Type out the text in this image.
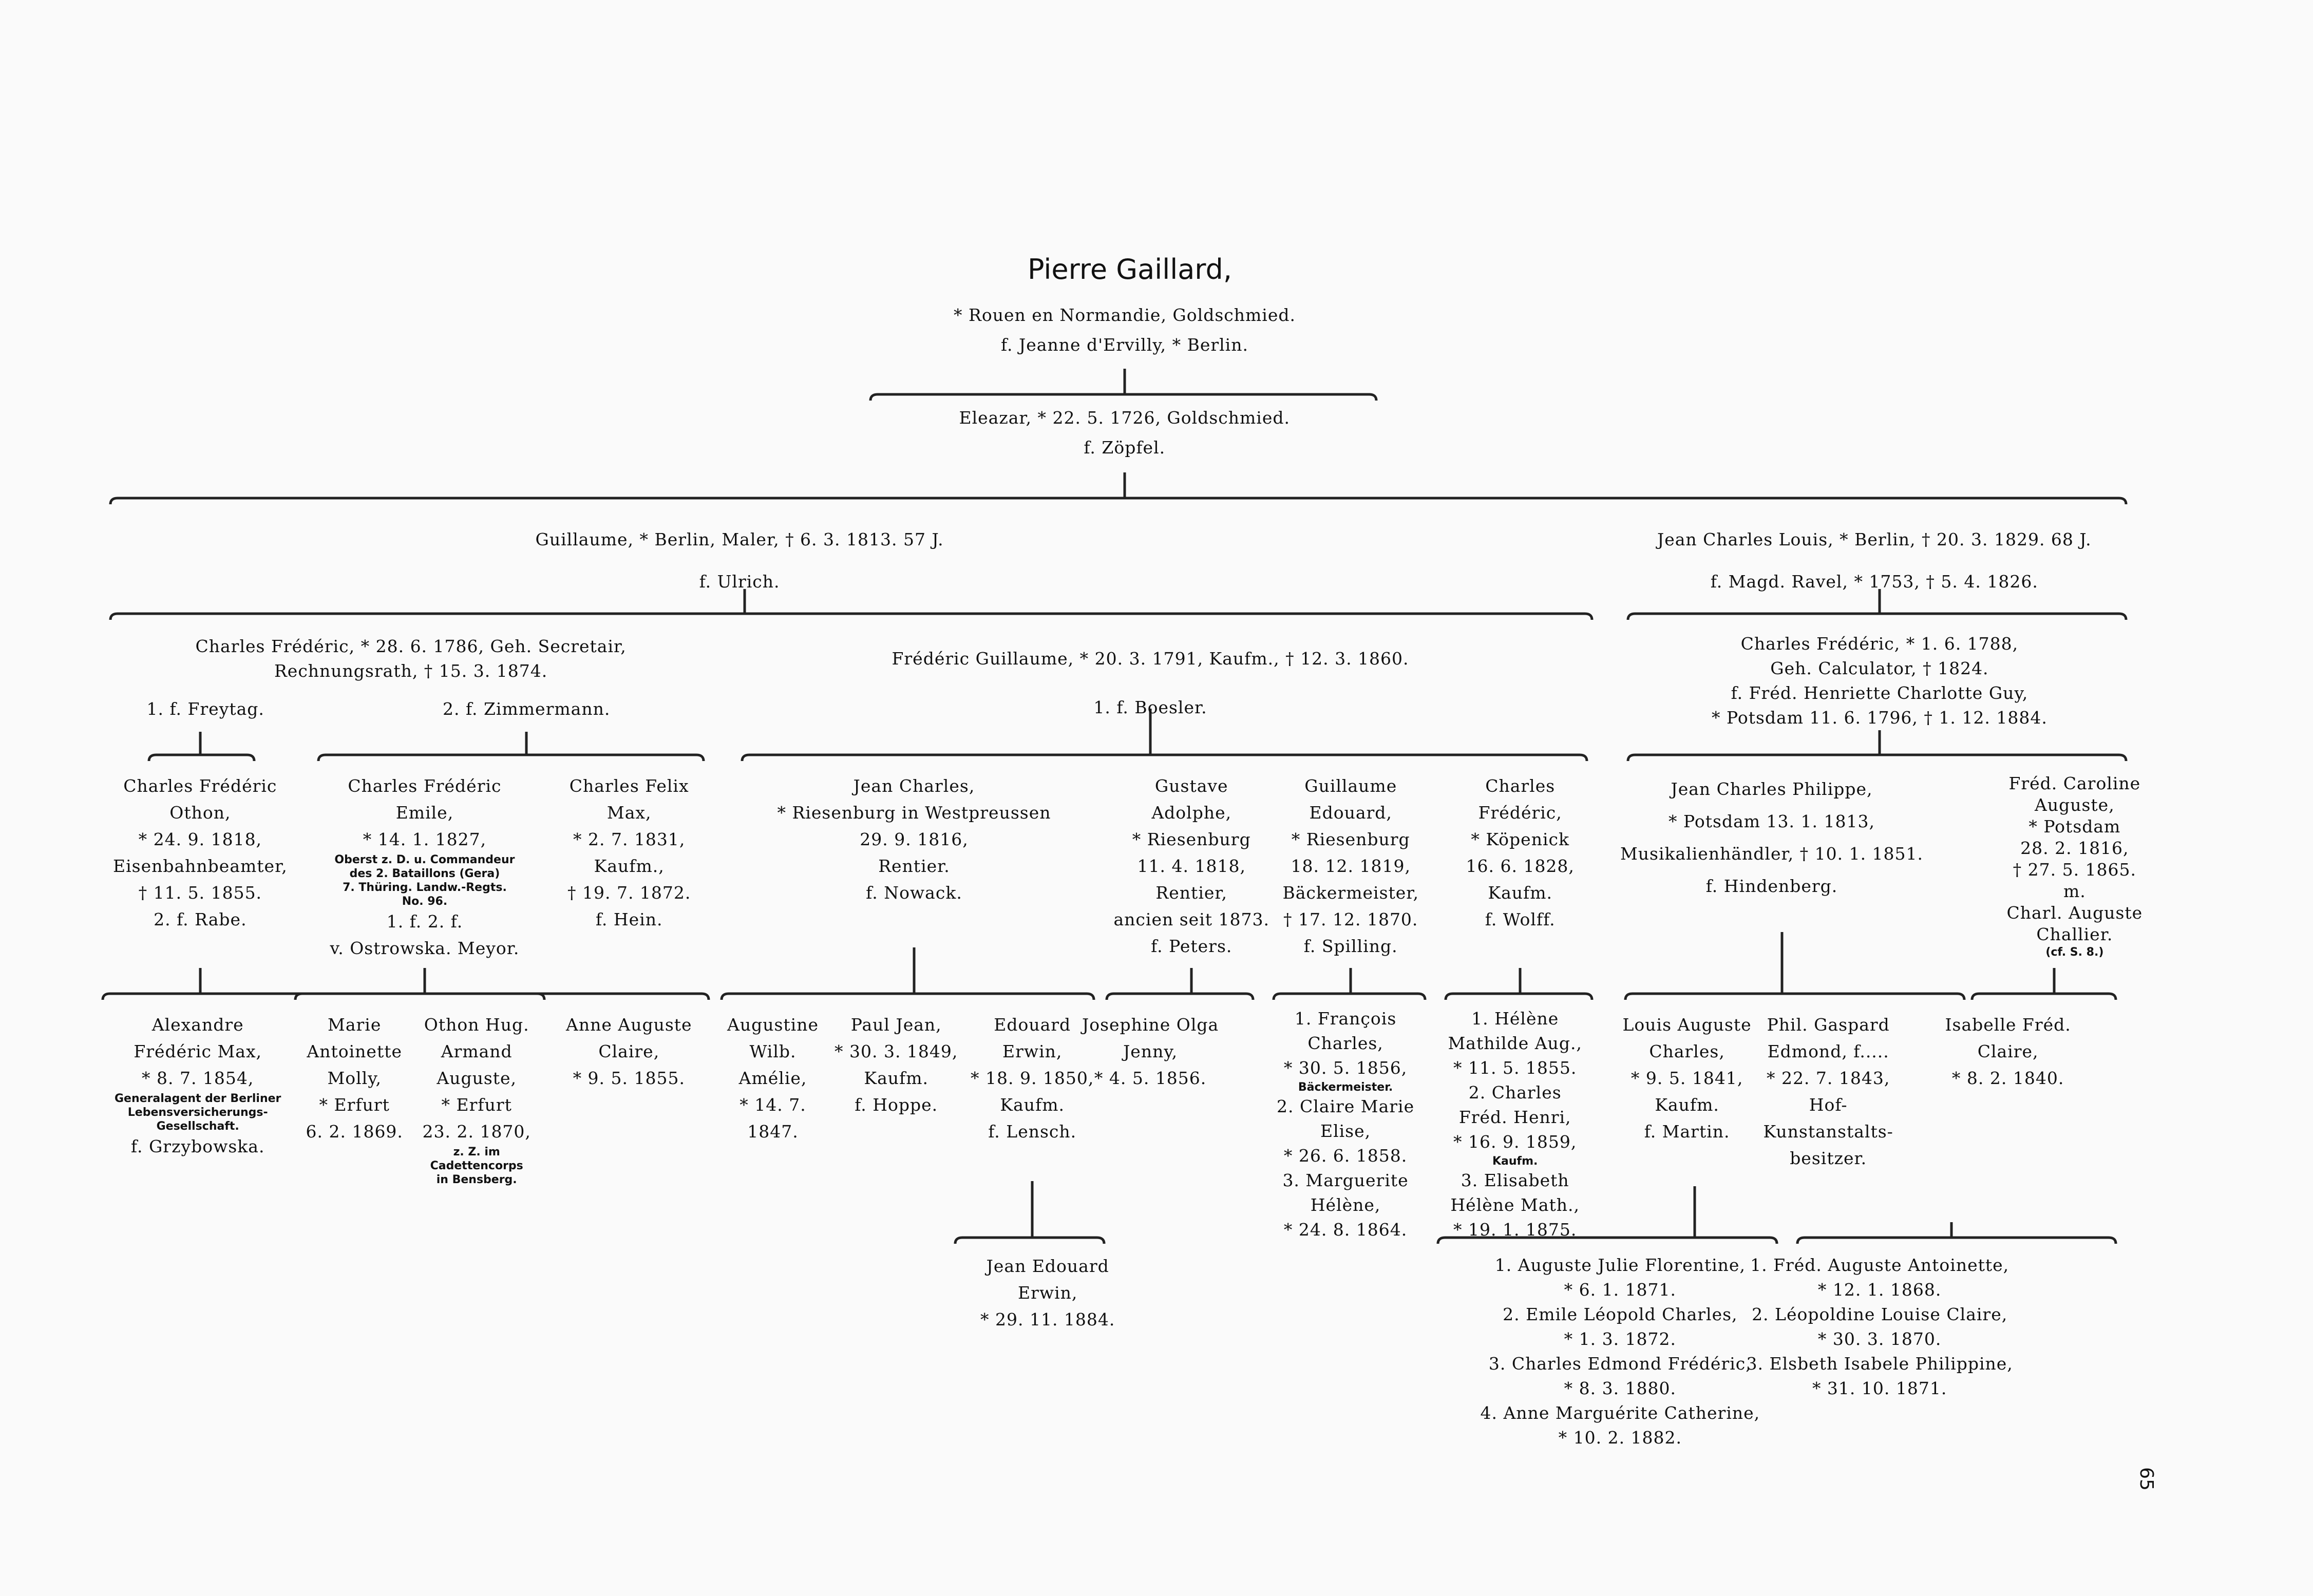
Pierre Gaillard,
65
* Rouen en Normandie, Goldschmied.
f. Jeanne d'Ervilly, * Berlin.
Eleazar, * 22. 5. 1726, Goldschmied.
f. Zöpfel.
Guillaume, * Berlin, Maler, † 6. 3. 1813. 57 J.
f. Ulrich.
Jean Charles Louis, * Berlin, † 20. 3. 1829. 68 J.
f. Magd. Ravel, * 1753, † 5. 4. 1826.
Charles Frédéric, * 28. 6. 1786, Geh. Secretair,
Rechnungsrath, † 15. 3. 1874.
1. f. Freytag.	2. f. Zimmermann.
Frédéric Guillaume, * 20. 3. 1791, Kaufm., † 12. 3. 1860.
1. f. Boesler.
Charles Frédéric, * 1. 6. 1788,
Geh. Calculator, † 1824.
f. Fréd. Henriette Charlotte Guy,
* Potsdam 11. 6. 1796, † 1. 12. 1884.
Charles Frédéric
Othon,
* 24. 9. 1818,
Eisenbahnbeamter,
† 11. 5. 1855.
2. f. Rabe.
Charles Frédéric
Emile,
* 14. 1. 1827,
Oberst z. D. u. Commandeur
des 2. Bataillons (Gera)
7. Thüring. Landw.-Regts.
No. 96.
1. f. 2. f.
v. Ostrowska. Meyor.
Charles Felix
Max,
* 2. 7. 1831,
Kaufm.,
† 19. 7. 1872.
f. Hein.
Jean Charles,
* Riesenburg in Westpreussen
29. 9. 1816,
Rentier.
f. Nowack.
Gustave
Adolphe,
* Riesenburg
11. 4. 1818,
Rentier,
ancien seit 1873.
f. Peters.
Guillaume
Edouard,
* Riesenburg
18. 12. 1819,
Bäckermeister,
† 17. 12. 1870.
f. Spilling.
Charles
Frédéric,
* Köpenick
16. 6. 1828,
Kaufm.
f. Wolff.
Jean Charles Philippe,
* Potsdam 13. 1. 1813,
Musikalienhändler, † 10. 1. 1851.
f. Hindenberg.
Fréd. Caroline
Auguste,
* Potsdam
28. 2. 1816,
† 27. 5. 1865.
m.
Charl. Auguste
Challier.
(cf. S. 8.)
Alexandre
Frédéric Max,
* 8. 7. 1854,
Generalagent der Berliner
Lebensversicherungs-
Gesellschaft.
f. Grzybowska.
Marie
Antoinette
Molly,
* Erfurt
6. 2. 1869.
Othon Hug.
Armand
Auguste,
* Erfurt
23. 2. 1870,
z. Z. im
Cadettencorps
in Bensberg.
Anne Auguste
Claire,
* 9. 5. 1855.
Augustine
Wilb.
Amélie,
* 14. 7.
1847.
Paul Jean,
* 30. 3. 1849,
Kaufm.
f. Hoppe.
Edouard
Erwin,
* 18. 9. 1850,
Kaufm.
f. Lensch.
Josephine Olga
Jenny,
* 4. 5. 1856.
1. François
Charles,
* 30. 5. 1856,
Bäckermeister.
2. Claire Marie
Elise,
* 26. 6. 1858.
3. Marguerite
Hélène,
* 24. 8. 1864.
1. Hélène
Mathilde Aug.,
* 11. 5. 1855.
2. Charles
Fréd. Henri,
* 16. 9. 1859,
Kaufm.
3. Elisabeth
Hélène Math.,
* 19. 1. 1875.
Louis Auguste
Charles,
* 9. 5. 1841,
Kaufm.
f. Martin.
Phil. Gaspard
Edmond, f.....
* 22. 7. 1843,
Hof-
Kunstanstalts-
besitzer.
Isabelle Fréd.
Claire,
* 8. 2. 1840.
Jean Edouard
Erwin,
* 29. 11. 1884.
1. Auguste Julie Florentine,
* 6. 1. 1871.
2. Emile Léopold Charles,
* 1. 3. 1872.
3. Charles Edmond Frédéric,
* 8. 3. 1880.
4. Anne Marguérite Catherine,
* 10. 2. 1882.
1. Fréd. Auguste Antoinette,
* 12. 1. 1868.
2. Léopoldine Louise Claire,
* 30. 3. 1870.
3. Elsbeth Isabele Philippine,
* 31. 10. 1871.
